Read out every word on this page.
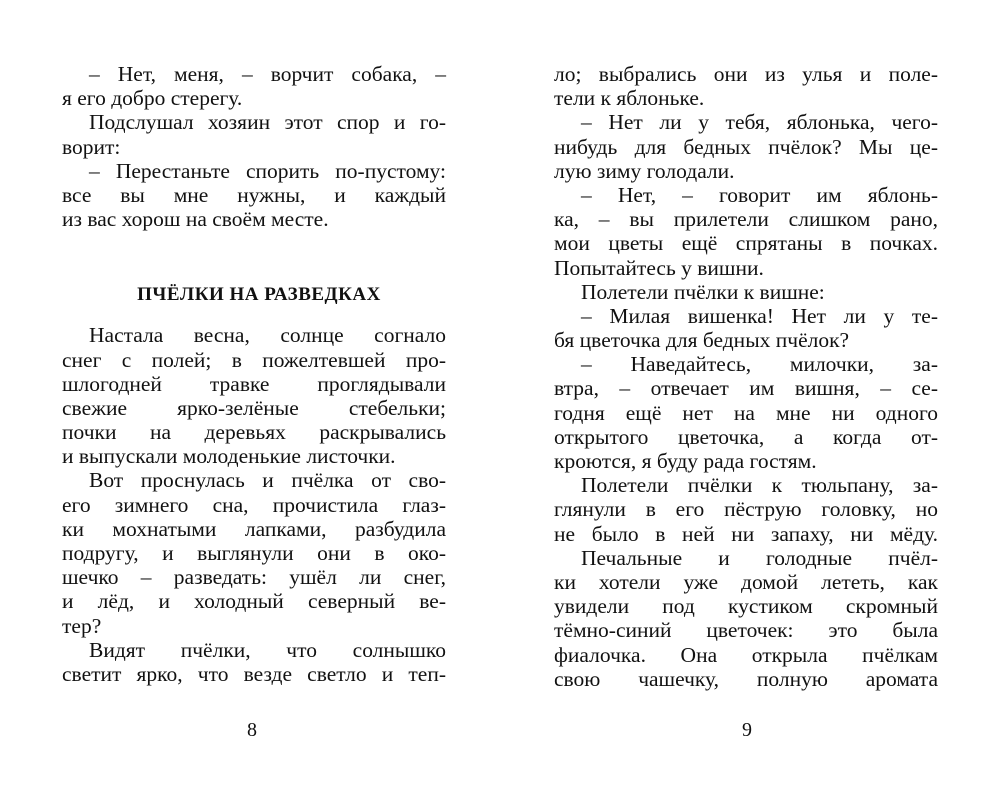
– Нет, меня, – ворчит собака, –
я его добро стерегу.
Подслушал хозяин этот спор и го-
ворит:
– Перестаньте спорить по-пустому:
все вы мне нужны, и каждый
из вас хорош на своём месте.
ПЧЁЛКИ НА РАЗВЕДКАХ
Настала весна, солнце согнало
снег с полей; в пожелтевшей про-
шлогодней травке проглядывали
свежие ярко-зелёные стебельки;
почки на деревьях раскрывались
и выпускали молоденькие листочки.
Вот проснулась и пчёлка от сво-
его зимнего сна, прочистила глаз-
ки мохнатыми лапками, разбудила
подругу, и выглянули они в око-
шечко – разведать: ушёл ли снег,
и лёд, и холодный северный ве-
тер?
Видят пчёлки, что солнышко
светит ярко, что везде светло и теп-
ло; выбрались они из улья и поле-
тели к яблоньке.
– Нет ли у тебя, яблонька, чего-
нибудь для бедных пчёлок? Мы це-
лую зиму голодали.
– Нет, – говорит им яблонь-
ка, – вы прилетели слишком рано,
мои цветы ещё спрятаны в почках.
Попытайтесь у вишни.
Полетели пчёлки к вишне:
– Милая вишенка! Нет ли у те-
бя цветочка для бедных пчёлок?
– Наведайтесь, милочки, за-
втра, – отвечает им вишня, – се-
годня ещё нет на мне ни одного
открытого цветочка, а когда от-
кроются, я буду рада гостям.
Полетели пчёлки к тюльпану, за-
глянули в его пёструю головку, но
не было в ней ни запаху, ни мёду.
Печальные и голодные пчёл-
ки хотели уже домой лететь, как
увидели под кустиком скромный
тёмно-синий цветочек: это была
фиалочка. Она открыла пчёлкам
свою чашечку, полную аромата
8	9
